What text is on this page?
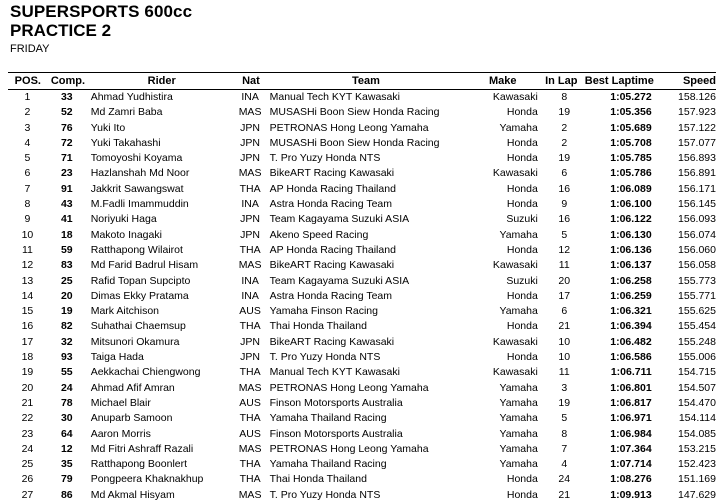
SUPERSPORTS 600cc
PRACTICE 2
FRIDAY
POS. Comp.	Rider	Nat	Team	Make	In Lap Best Laptime	Speed
1	33	Ahmad Yudhistira	INA	Manual Tech KYT Kawasaki	Kawasaki	8	1:05.272	158.126
2	52	Md Zamri Baba	MAS MUSASHi Boon Siew Honda Racing	Honda	19	1:05.356	157.923
3	76	Yuki Ito	JPN PETRONAS Hong Leong Yamaha	Yamaha	2	1:05.689	157.122
4	72	Yuki Takahashi	JPN MUSASHi Boon Siew Honda Racing	Honda	2	1:05.708	157.077
5	71	Tomoyoshi Koyama	JPN T. Pro Yuzy Honda NTS	Honda	19	1:05.785	156.893
6	23	Hazlanshah Md Noor	MAS BikeART Racing Kawasaki	Kawasaki	6	1:05.786	156.891
7	91	Jakkrit Sawangswat	THA AP Honda Racing Thailand	Honda	16	1:06.089	156.171
8	43	M.Fadli Imammuddin	INA	Astra Honda Racing Team	Honda	9	1:06.100	156.145
9	41	Noriyuki Haga	JPN Team Kagayama Suzuki ASIA	Suzuki	16	1:06.122	156.093
10	18	Makoto Inagaki	JPN Akeno Speed Racing	Yamaha	5	1:06.130	156.074
11	59	Ratthapong Wilairot	THA AP Honda Racing Thailand	Honda	12	1:06.136	156.060
12	83	Md Farid Badrul Hisam	MAS BikeART Racing Kawasaki	Kawasaki	11	1:06.137	156.058
13	25	Rafid Topan Supcipto	INA	Team Kagayama Suzuki ASIA	Suzuki	20	1:06.258	155.773
14	20	Dimas Ekky Pratama	INA	Astra Honda Racing Team	Honda	17	1:06.259	155.771
15	19	Mark Aitchison	AUS Yamaha Finson Racing	Yamaha	6	1:06.321	155.625
16	82	Suhathai Chaemsup	THA Thai Honda Thailand	Honda	21	1:06.394	155.454
17	32	Mitsunori Okamura	JPN BikeART Racing Kawasaki	Kawasaki	10	1:06.482	155.248
18	93	Taiga Hada	JPN T. Pro Yuzy Honda NTS	Honda	10	1:06.586	155.006
19	55	Aekkachai Chiengwong	THA Manual Tech KYT Kawasaki	Kawasaki	11	1:06.711	154.715
20	24	Ahmad Afif Amran	MAS PETRONAS Hong Leong Yamaha	Yamaha	3	1:06.801	154.507
21	78	Michael Blair	AUS Finson Motorsports Australia	Yamaha	19	1:06.817	154.470
22	30	Anuparb Samoon	THA Yamaha Thailand Racing	Yamaha	5	1:06.971	154.114
23	64	Aaron Morris	AUS Finson Motorsports Australia	Yamaha	8	1:06.984	154.085
24	12	Md Fitri Ashraff Razali	MAS PETRONAS Hong Leong Yamaha	Yamaha	7	1:07.364	153.215
25	35	Ratthapong Boonlert	THA Yamaha Thailand Racing	Yamaha	4	1:07.714	152.423
26	79	Pongpeera Khaknakhup	THA Thai Honda Thailand	Honda	24	1:08.276	151.169
27	86	Md Akmal Hisyam	MAS T. Pro Yuzy Honda NTS	Honda	21	1:09.913	147.629
